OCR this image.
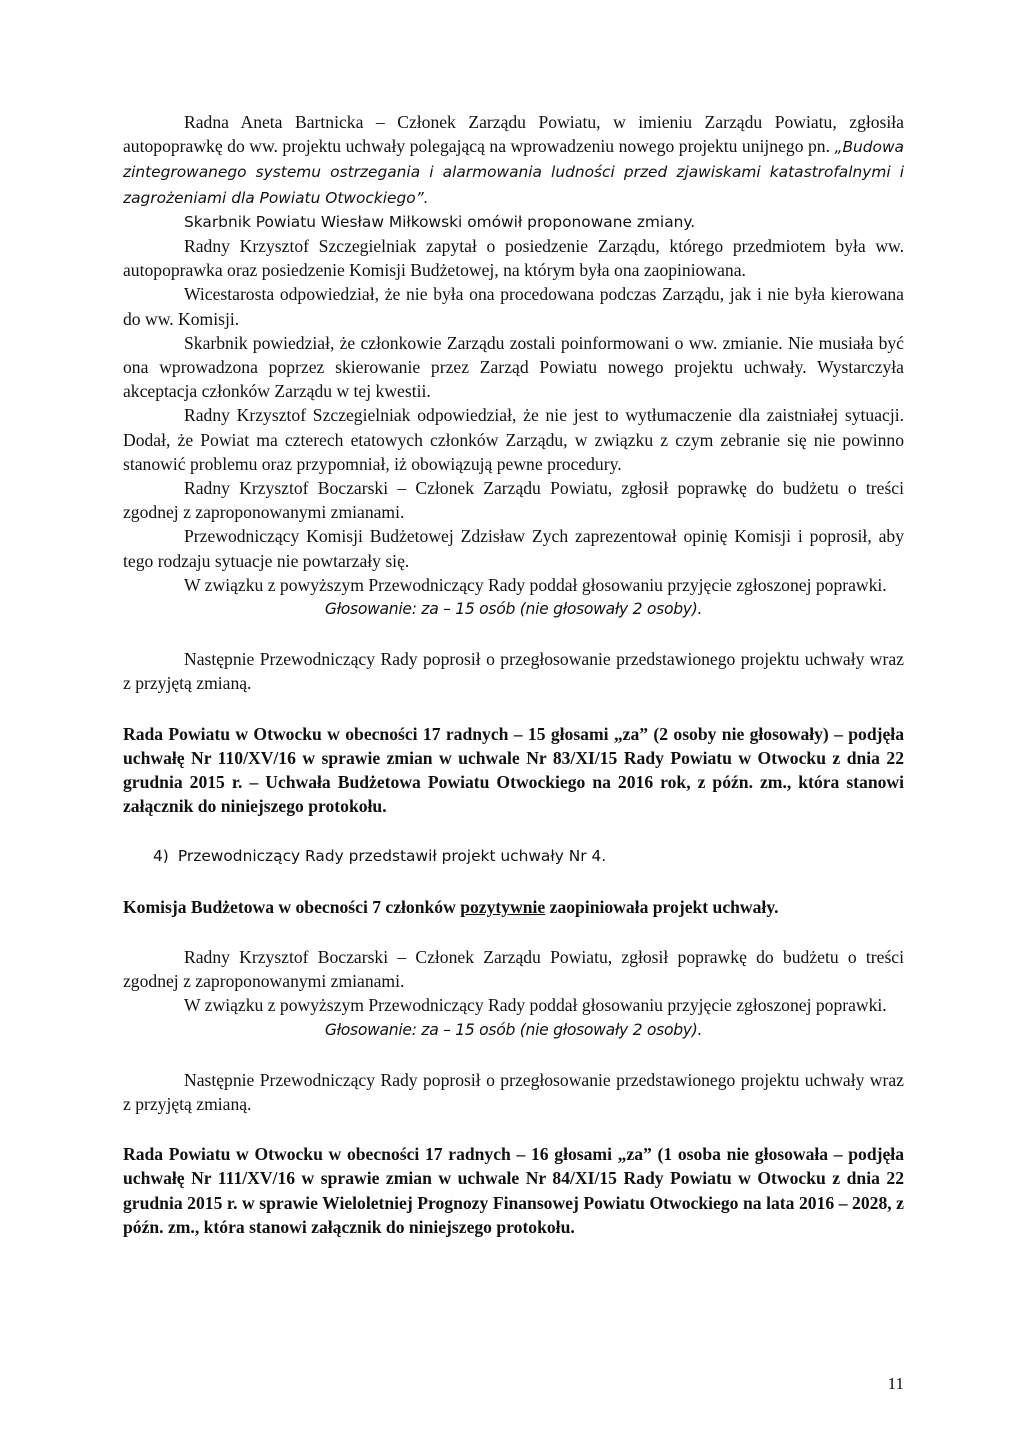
Radna Aneta Bartnicka – Członek Zarządu Powiatu, w imieniu Zarządu Powiatu, zgłosiła autopoprawkę do ww. projektu uchwały polegającą na wprowadzeniu nowego projektu unijnego pn. „Budowa zintegrowanego systemu ostrzegania i alarmowania ludności przed zjawiskami katastrofalnymi i zagrożeniami dla Powiatu Otwockiego”.

Skarbnik Powiatu Wiesław Miłkowski omówił proponowane zmiany.

Radny Krzysztof Szczegielniak zapytał o posiedzenie Zarządu, którego przedmiotem była ww. autopoprawka oraz posiedzenie Komisji Budżetowej, na którym była ona zaopiniowana.

Wicestarosta odpowiedział, że nie była ona procedowana podczas Zarządu, jak i nie była kierowana do ww. Komisji.

Skarbnik powiedział, że członkowie Zarządu zostali poinformowani o ww. zmianie. Nie musiała być ona wprowadzona poprzez skierowanie przez Zarząd Powiatu nowego projektu uchwały. Wystarczyła akceptacja członków Zarządu w tej kwestii.

Radny Krzysztof Szczegielniak odpowiedział, że nie jest to wytłumaczenie dla zaistniałej sytuacji. Dodał, że Powiat ma czterech etatowych członków Zarządu, w związku z czym zebranie się nie powinno stanowić problemu oraz przypomniał, iż obowiązują pewne procedury.

Radny Krzysztof Boczarski – Członek Zarządu Powiatu, zgłosił poprawkę do budżetu o treści zgodnej z zaproponowanymi zmianami.

Przewodniczący Komisji Budżetowej Zdzisław Zych zaprezentował opinię Komisji i poprosił, aby tego rodzaju sytuacje nie powtarzały się.

W związku z powyższym Przewodniczący Rady poddał głosowaniu przyjęcie zgłoszonej poprawki.

Głosowanie: za – 15 osób (nie głosowały 2 osoby).

Następnie Przewodniczący Rady poprosił o przegłosowanie przedstawionego projektu uchwały wraz z przyjętą zmianą.

Rada Powiatu w Otwocku w obecności 17 radnych – 15 głosami „za” (2 osoby nie głosowały) – podjęła uchwałę Nr 110/XV/16 w sprawie zmian w uchwale Nr 83/XI/15 Rady Powiatu w Otwocku z dnia 22 grudnia 2015 r. – Uchwała Budżetowa Powiatu Otwockiego na 2016 rok, z późn. zm., która stanowi załącznik do niniejszego protokołu.

4) Przewodniczący Rady przedstawił projekt uchwały Nr 4.

Komisja Budżetowa w obecności 7 członków pozytywnie zaopiniowała projekt uchwały.

Radny Krzysztof Boczarski – Członek Zarządu Powiatu, zgłosił poprawkę do budżetu o treści zgodnej z zaproponowanymi zmianami.

W związku z powyższym Przewodniczący Rady poddał głosowaniu przyjęcie zgłoszonej poprawki.

Głosowanie: za – 15 osób (nie głosowały 2 osoby).

Następnie Przewodniczący Rady poprosił o przegłosowanie przedstawionego projektu uchwały wraz z przyjętą zmianą.

Rada Powiatu w Otwocku w obecności 17 radnych – 16 głosami „za” (1 osoba nie głosowała – podjęła uchwałę Nr 111/XV/16 w sprawie zmian w uchwale Nr 84/XI/15 Rady Powiatu w Otwocku z dnia 22 grudnia 2015 r. w sprawie Wieloletniej Prognozy Finansowej Powiatu Otwockiego na lata 2016 – 2028, z późn. zm., która stanowi załącznik do niniejszego protokołu.

11
